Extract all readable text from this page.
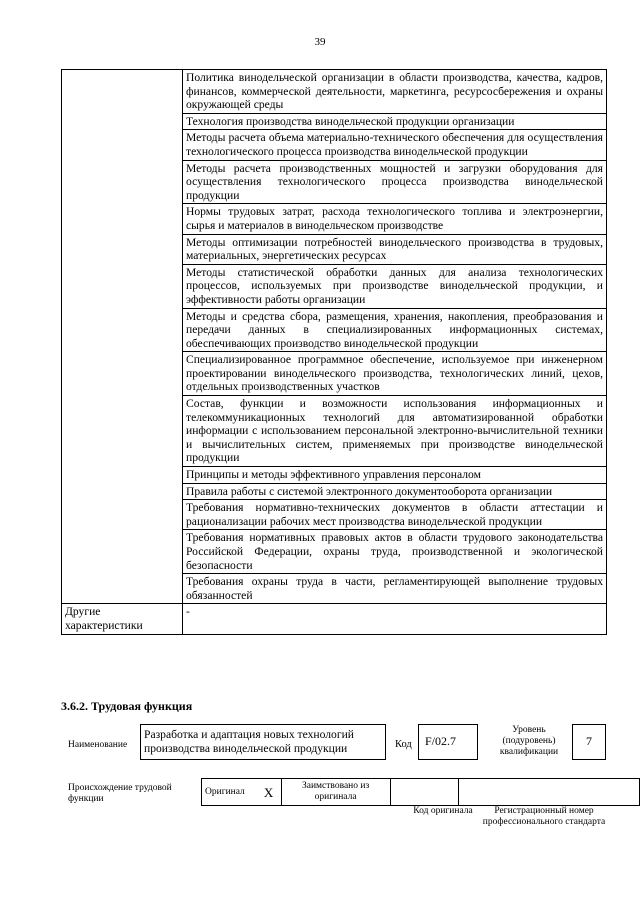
39
	Политика винодельческой организации в области производства, качества, кадров, финансов, коммерческой деятельности, маркетинга, ресурсосбережения и охраны окружающей среды
	Технология производства винодельческой продукции организации
	Методы расчета объема материально-технического обеспечения для осуществления технологического процесса производства винодельческой продукции
	Методы расчета производственных мощностей и загрузки оборудования для осуществления технологического процесса производства винодельческой продукции
	Нормы трудовых затрат, расхода технологического топлива и электроэнергии, сырья и материалов в винодельческом производстве
	Методы оптимизации потребностей винодельческого производства в трудовых, материальных, энергетических ресурсах
	Методы статистической обработки данных для анализа технологических процессов, используемых при производстве винодельческой продукции, и эффективности работы организации
	Методы и средства сбора, размещения, хранения, накопления, преобразования и передачи данных в специализированных информационных системах, обеспечивающих производство винодельческой продукции
	Специализированное программное обеспечение, используемое при инженерном проектировании винодельческого производства, технологических линий, цехов, отдельных производственных участков
	Состав, функции и возможности использования информационных и телекоммуникационных технологий для автоматизированной обработки информации с использованием персональной электронно-вычислительной техники и вычислительных систем, применяемых при производстве винодельческой продукции
	Принципы и методы эффективного управления персоналом
	Правила работы с системой электронного документооборота организации
	Требования нормативно-технических документов в области аттестации и рационализации рабочих мест производства винодельческой продукции
	Требования нормативных правовых актов в области трудового законодательства Российской Федерации, охраны труда, производственной и экологической безопасности
	Требования охраны труда в части, регламентирующей выполнение трудовых обязанностей
Другие характеристики	-
3.6.2. Трудовая функция
Наименование
Разработка и адаптация новых технологий производства винодельческой продукции	Код	F/02.7
Уровень (подуровень) квалификации
7
Происхождение трудовой функции
Оригинал	X	Заимствовано из оригинала		
Код оригинала	Регистрационный номер профессионального стандарта
